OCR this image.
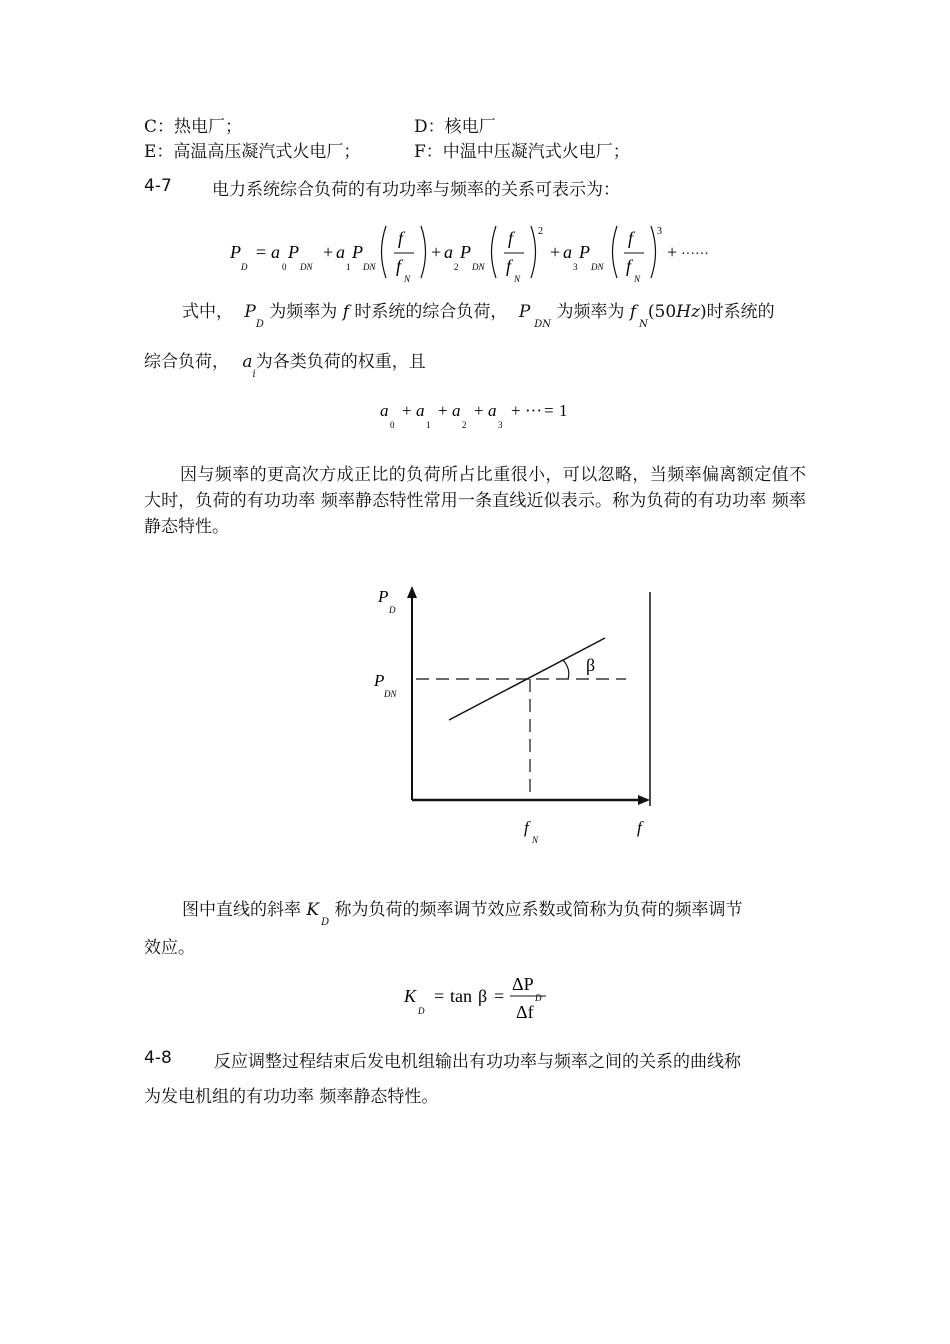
C：热电厂；	D：核电厂
E：高温高压凝汽式火电厂；	F：中温中压凝汽式火电厂；
4-7 电力系统综合负荷的有功功率与频率的关系可表示为：
P
D
= a
0
P
DN
+ a
1
P
DN
f
f
N
+ a
2
P
DN
f
f
N
2
+ a
3
P
DN
f
f
N
3
+ ······
式中， $P_D$ 为频率为 f 时系统的综合负荷， $P_{DN}$ 为频率为 $f_N(50Hz)$时系统的
综合负荷， $a_i$为各类负荷的权重，且
a
0
+ a
1
+ a
2
+ a
3
+ ··· = 1
因与频率的更高次方成正比的负荷所占比重很小，可以忽略，当频率偏离额定值不大时，负荷的有功功率 频率静态特性常用一条直线近似表示。称为负荷的有功功率 频率静态特性。
β
P
D
P
DN
f
N
f
图中直线的斜率 $K_D$ 称为负荷的频率调节效应系数或简称为负荷的频率调节
效应。
K
D
= tan β =
ΔP
D
Δf
4-8 反应调整过程结束后发电机组输出有功功率与频率之间的关系的曲线称
为发电机组的有功功率 频率静态特性。
